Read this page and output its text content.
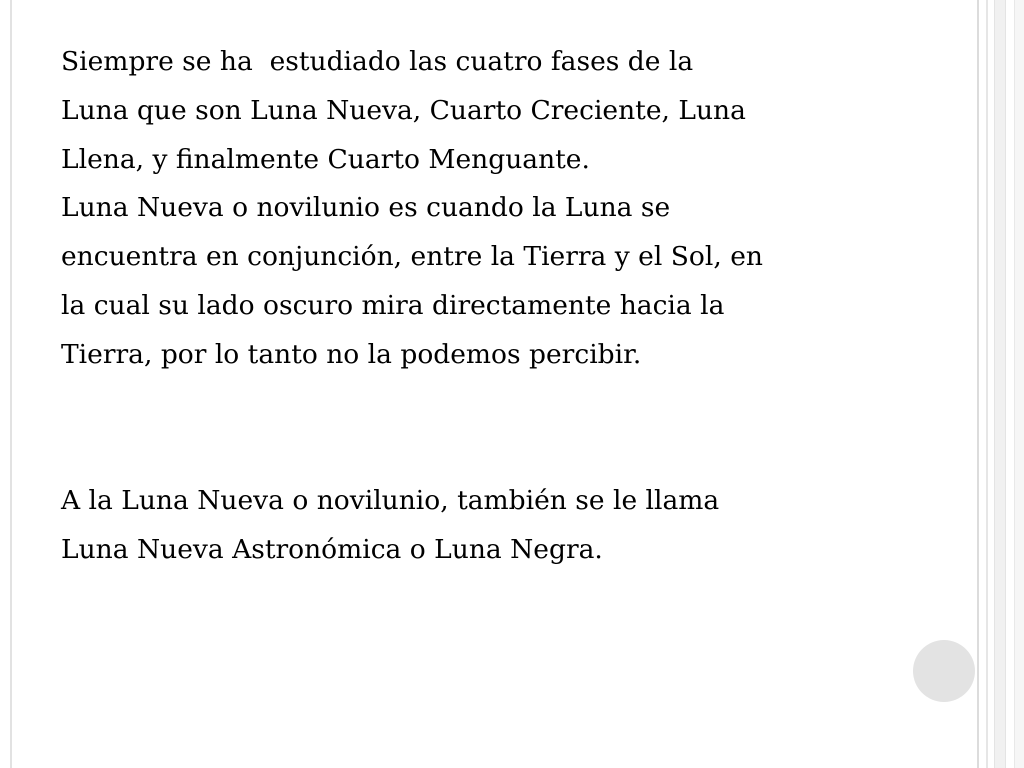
Siempre se ha  estudiado las cuatro fases de la
Luna que son Luna Nueva, Cuarto Creciente, Luna
Llena, y finalmente Cuarto Menguante.
Luna Nueva o novilunio es cuando la Luna se
encuentra en conjunción, entre la Tierra y el Sol, en
la cual su lado oscuro mira directamente hacia la
Tierra, por lo tanto no la podemos percibir.
A la Luna Nueva o novilunio, también se le llama
Luna Nueva Astronómica o Luna Negra.
